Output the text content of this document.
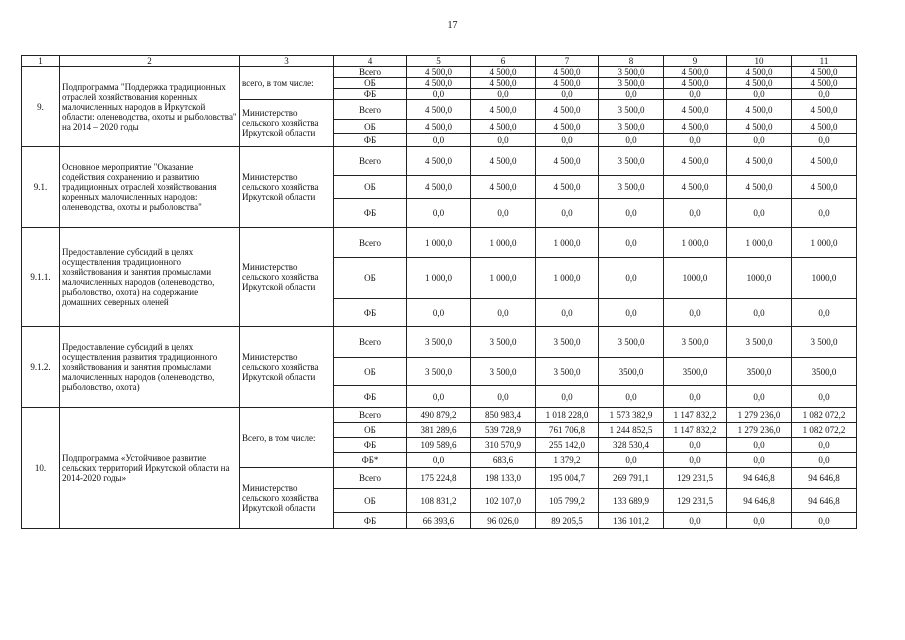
17
1	2	3	4	5	6	7	8	9	10	11
9.	Подпрограмма "Поддержка традиционных отраслей хозяйствования коренных малочисленных народов в Иркутской области: оленеводства, охоты и рыболовства" на 2014 – 2020 годы	всего, в том числе:	Всего	4 500,0	4 500,0	4 500,0	3 500,0	4 500,0	4 500,0	4 500,0
			ОБ	4 500,0	4 500,0	4 500,0	3 500,0	4 500,0	4 500,0	4 500,0
			ФБ	0,0	0,0	0,0	0,0	0,0	0,0	0,0
		Министерство сельского хозяйства Иркутской области	Всего	4 500,0	4 500,0	4 500,0	3 500,0	4 500,0	4 500,0	4 500,0
			ОБ	4 500,0	4 500,0	4 500,0	3 500,0	4 500,0	4 500,0	4 500,0
			ФБ	0,0	0,0	0,0	0,0	0,0	0,0	0,0
9.1.	Основное мероприятие "Оказание содействия сохранению и развитию традиционных отраслей хозяйствования коренных малочисленных народов: оленеводства, охоты и рыболовства"	Министерство сельского хозяйства Иркутской области	Всего	4 500,0	4 500,0	4 500,0	3 500,0	4 500,0	4 500,0	4 500,0
			ОБ	4 500,0	4 500,0	4 500,0	3 500,0	4 500,0	4 500,0	4 500,0
			ФБ	0,0	0,0	0,0	0,0	0,0	0,0	0,0
9.1.1.	Предоставление субсидий в целях осуществления традиционного хозяйствования и занятия промыслами малочисленных народов (оленеводство, рыболовство, охота) на содержание домашних северных оленей	Министерство сельского хозяйства Иркутской области	Всего	1 000,0	1 000,0	1 000,0	0,0	1 000,0	1 000,0	1 000,0
			ОБ	1 000,0	1 000,0	1 000,0	0,0	1000,0	1000,0	1000,0
			ФБ	0,0	0,0	0,0	0,0	0,0	0,0	0,0
9.1.2.	Предоставление субсидий в целях осуществления развития традиционного хозяйствования и занятия промыслами малочисленных народов (оленеводство, рыболовство, охота)	Министерство сельского хозяйства Иркутской области	Всего	3 500,0	3 500,0	3 500,0	3 500,0	3 500,0	3 500,0	3 500,0
			ОБ	3 500,0	3 500,0	3 500,0	3500,0	3500,0	3500,0	3500,0
			ФБ	0,0	0,0	0,0	0,0	0,0	0,0	0,0
10.	Подпрограмма «Устойчивое развитие сельских территорий Иркутской области на 2014-2020 годы»	Всего, в том числе:	Всего	490 879,2	850 983,4	1 018 228,0	1 573 382,9	1 147 832,2	1 279 236,0	1 082 072,2
			ОБ	381 289,6	539 728,9	761 706,8	1 244 852,5	1 147 832,2	1 279 236,0	1 082 072,2
			ФБ	109 589,6	310 570,9	255 142,0	328 530,4	0,0	0,0	0,0
			ФБ*	0,0	683,6	1 379,2	0,0	0,0	0,0	0,0
		Министерство сельского хозяйства Иркутской области	Всего	175 224,8	198 133,0	195 004,7	269 791,1	129 231,5	94 646,8	94 646,8
			ОБ	108 831,2	102 107,0	105 799,2	133 689,9	129 231,5	94 646,8	94 646,8
			ФБ	66 393,6	96 026,0	89 205,5	136 101,2	0,0	0,0	0,0
